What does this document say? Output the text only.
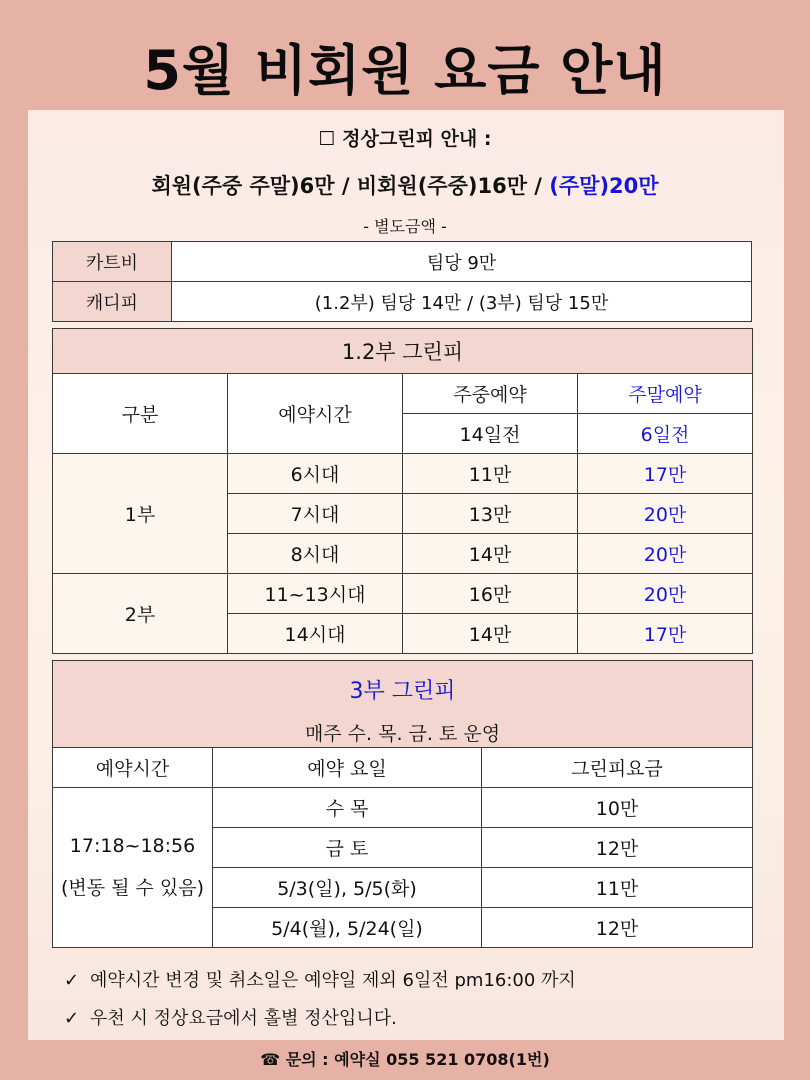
5월 비회원 요금 안내
☐ 정상그린피 안내 :
회원(주중 주말)6만 / 비회원(주중)16만 / (주말)20만
- 별도금액 -
카트비	팀당 9만
캐디피	(1.2부) 팀당 14만 / (3부) 팀당 15만
1.2부 그린피			
구분	예약시간	주중예약	주말예약
		14일전	6일전
1부	6시대	11만	17만
	7시대	13만	20만
	8시대	14만	20만
2부	11~13시대	16만	20만
	14시대	14만	17만
3부 그린피		
매주 수. 목. 금. 토 운영		
예약시간	예약 요일	그린피요금

17:18~18:56
(변동 될 수 있음)	수 목	10만
	금 토	12만
	5/3(일), 5/5(화)	11만
	5/4(월), 5/24(일)	12만
✓ 예약시간 변경 및 취소일은 예약일 제외 6일전 pm16:00 까지
✓ 우천 시 정상요금에서 홀별 정산입니다.
☎ 문의 : 예약실 055 521 0708(1번)
